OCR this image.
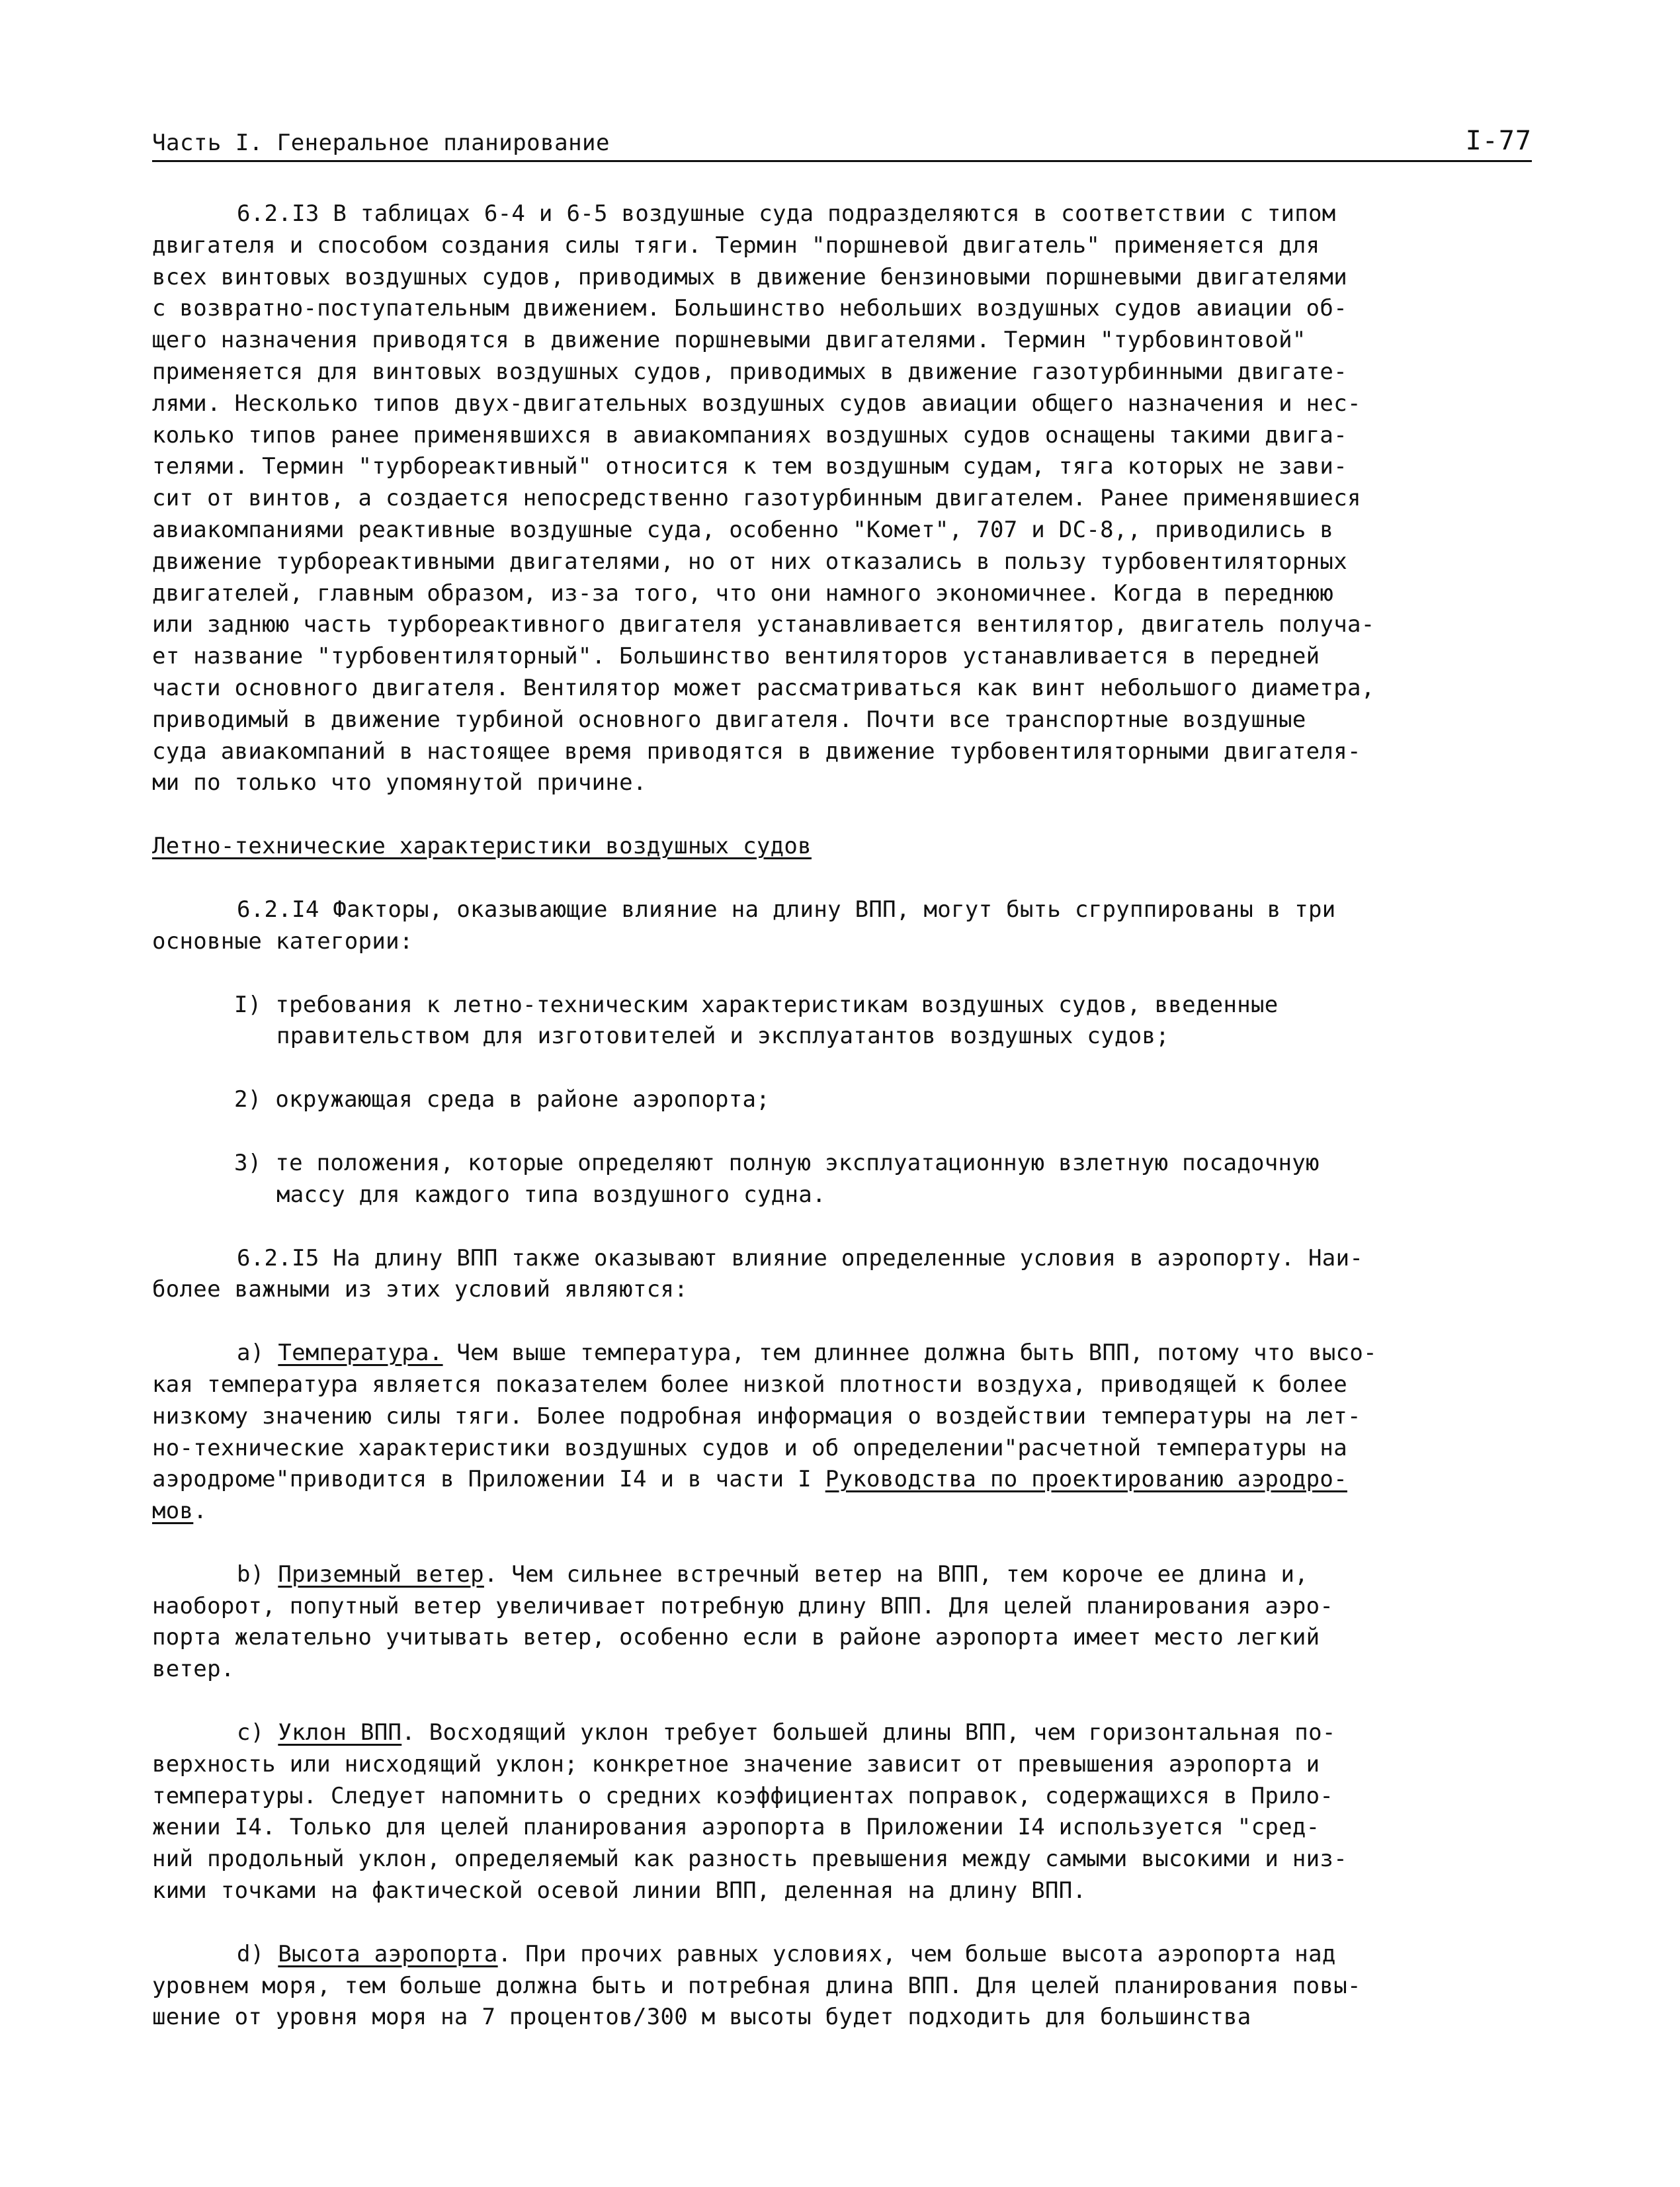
Часть I. Генеральное планирование	I-77

6.2.I3 В таблицах 6-4 и 6-5 воздушные суда подразделяются в соответствии с типом

двигателя и способом создания силы тяги. Термин "поршневой двигатель" применяется для

всех винтовых воздушных судов, приводимых в движение бензиновыми поршневыми двигателями

с возвратно-поступательным движением. Большинство небольших воздушных судов авиации об-

щего назначения приводятся в движение поршневыми двигателями. Термин "турбовинтовой"

применяется для винтовых воздушных судов, приводимых в движение газотурбинными двигате-

лями. Несколько типов двух-двигательных воздушных судов авиации общего назначения и нес-

колько типов ранее применявшихся в авиакомпаниях воздушных судов оснащены такими двига-

телями. Термин "турбореактивный" относится к тем воздушным судам, тяга которых не зави-

сит от винтов, а создается непосредственно газотурбинным двигателем. Ранее применявшиеся

авиакомпаниями реактивные воздушные суда, особенно "Комет", 707 и DC-8,, приводились в

движение турбореактивными двигателями, но от них отказались в пользу турбовентиляторных

двигателей, главным образом, из-за того, что они намного экономичнее. Когда в переднюю

или заднюю часть турбореактивного двигателя устанавливается вентилятор, двигатель получа-

ет название "турбовентиляторный". Большинство вентиляторов устанавливается в передней

части основного двигателя. Вентилятор может рассматриваться как винт небольшого диаметра,

приводимый в движение турбиной основного двигателя. Почти все транспортные воздушные

суда авиакомпаний в настоящее время приводятся в движение турбовентиляторными двигателя-

ми по только что упомянутой причине.

Летно-технические характеристики воздушных судов

6.2.I4 Факторы, оказывающие влияние на длину ВПП, могут быть сгруппированы в три

основные категории:

I) требования к летно-техническим характеристикам воздушных судов, введенные

правительством для изготовителей и эксплуатантов воздушных судов;

2) окружающая среда в районе аэропорта;

3) те положения, которые определяют полную эксплуатационную взлетную посадочную

массу для каждого типа воздушного судна.

6.2.I5 На длину ВПП также оказывают влияние определенные условия в аэропорту. Наи-

более важными из этих условий являются:

a) Температура. Чем выше температура, тем длиннее должна быть ВПП, потому что высо-

кая температура является показателем более низкой плотности воздуха, приводящей к более

низкому значению силы тяги. Более подробная информация о воздействии температуры на лет-

но-технические характеристики воздушных судов и об определении"расчетной температуры на

аэродроме"приводится в Приложении I4 и в части I Руководства по проектированию аэродро-

мов.

b) Приземный ветер. Чем сильнее встречный ветер на ВПП, тем короче ее длина и,

наоборот, попутный ветер увеличивает потребную длину ВПП. Для целей планирования аэро-

порта желательно учитывать ветер, особенно если в районе аэропорта имеет место легкий

ветер.

c) Уклон ВПП. Восходящий уклон требует большей длины ВПП, чем горизонтальная по-

верхность или нисходящий уклон; конкретное значение зависит от превышения аэропорта и

температуры. Следует напомнить о средних коэффициентах поправок, содержащихся в Прило-

жении I4. Только для целей планирования аэропорта в Приложении I4 используется "сред-

ний продольный уклон, определяемый как разность превышения между самыми высокими и низ-

кими точками на фактической осевой линии ВПП, деленная на длину ВПП.

d) Высота аэропорта. При прочих равных условиях, чем больше высота аэропорта над

уровнем моря, тем больше должна быть и потребная длина ВПП. Для целей планирования повы-

шение от уровня моря на 7 процентов/300 м высоты будет подходить для большинства
